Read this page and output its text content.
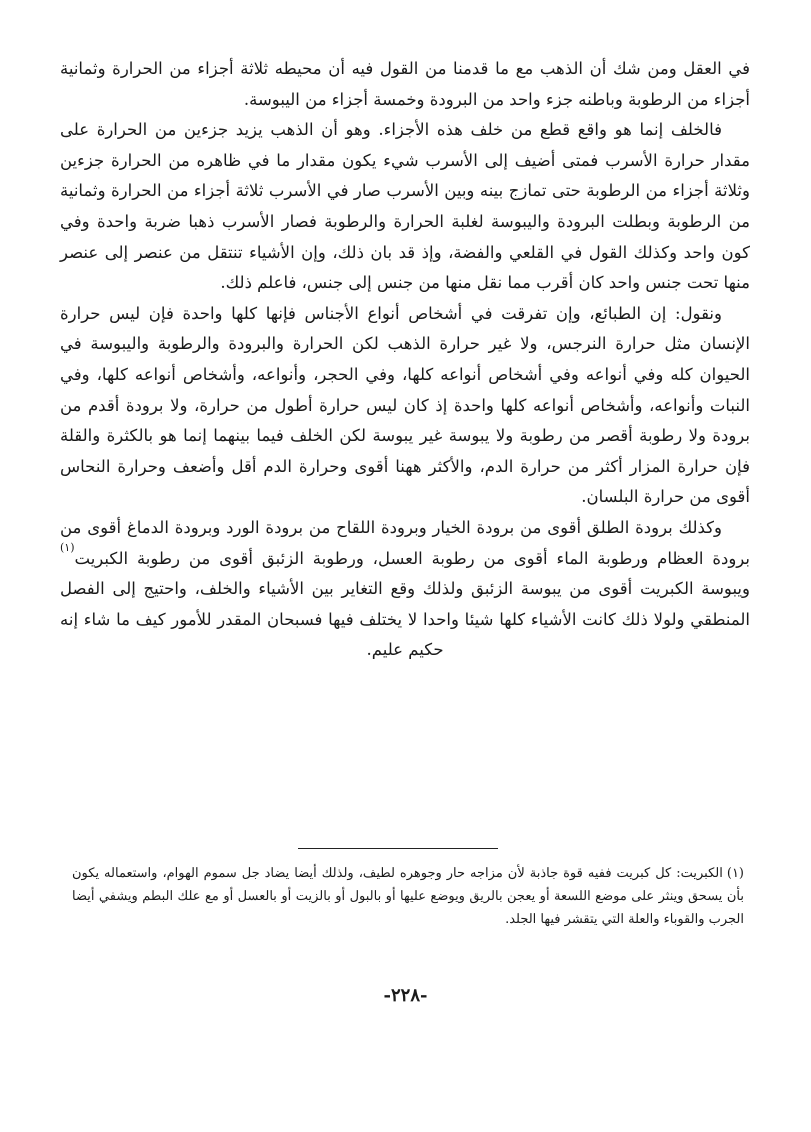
في العقل ومن شك أن الذهب مع ما قدمنا من القول فيه أن محيطه ثلاثة أجزاء من الحرارة وثمانية أجزاء من الرطوبة وباطنه جزء واحد من البرودة وخمسة أجزاء من اليبوسة.

فالخلف إنما هو واقع قطع من خلف هذه الأجزاء. وهو أن الذهب يزيد جزءين من الحرارة على مقدار حرارة الأسرب فمتى أضيف إلى الأسرب شيء يكون مقدار ما في ظاهره من الحرارة جزءين وثلاثة أجزاء من الرطوبة حتى تمازج بينه وبين الأسرب صار في الأسرب ثلاثة أجزاء من الحرارة وثمانية من الرطوبة وبطلت البرودة واليبوسة لغلبة الحرارة والرطوبة فصار الأسرب ذهبا ضربة واحدة وفي كون واحد وكذلك القول في القلعي والفضة، وإذ قد بان ذلك، وإن الأشياء تنتقل من عنصر إلى عنصر منها تحت جنس واحد كان أقرب مما نقل منها من جنس إلى جنس، فاعلم ذلك.

ونقول: إن الطبائع، وإن تفرقت في أشخاص أنواع الأجناس فإنها كلها واحدة فإن ليس حرارة الإنسان مثل حرارة النرجس، ولا غير حرارة الذهب لكن الحرارة والبرودة والرطوبة واليبوسة في الحيوان كله وفي أنواعه وفي أشخاص أنواعه كلها، وفي الحجر، وأنواعه، وأشخاص أنواعه كلها، وفي النبات وأنواعه، وأشخاص أنواعه كلها واحدة إذ كان ليس حرارة أطول من حرارة، ولا برودة أقدم من برودة ولا رطوبة أقصر من رطوبة ولا يبوسة غير يبوسة لكن الخلف فيما بينهما إنما هو بالكثرة والقلة فإن حرارة المزار أكثر من حرارة الدم، والأكثر ههنا أقوى وحرارة الدم أقل وأضعف وحرارة النحاس أقوى من حرارة البلسان.

وكذلك برودة الطلق أقوى من برودة الخيار وبرودة اللقاح من برودة الورد وبرودة الدماغ أقوى من برودة العظام ورطوبة الماء أقوى من رطوبة العسل، ورطوبة الزئبق أقوى من رطوبة الكبريت$^{(١)}$ ويبوسة الكبريت أقوى من يبوسة الزئبق ولذلك وقع التغاير بين الأشياء والخلف، واحتيج إلى الفصل المنطقي ولولا ذلك كانت الأشياء كلها شيئا واحدا لا يختلف فيها فسبحان المقدر للأمور كيف ما شاء إنه حكيم عليم.

(١)الكبريت: كل كبريت ففيه قوة جاذبة لأن مزاجه حار وجوهره لطيف، ولذلك أيضا يضاد جل سموم الهوام، واستعماله يكون بأن يسحق وينثر على موضع اللسعة أو يعجن بالريق ويوضع عليها أو بالبول أو بالزيت أو بالعسل أو مع علك البطم ويشفي أيضا الجرب والقوباء والعلة التي يتقشر فيها الجلد.

-٢٢٨-
